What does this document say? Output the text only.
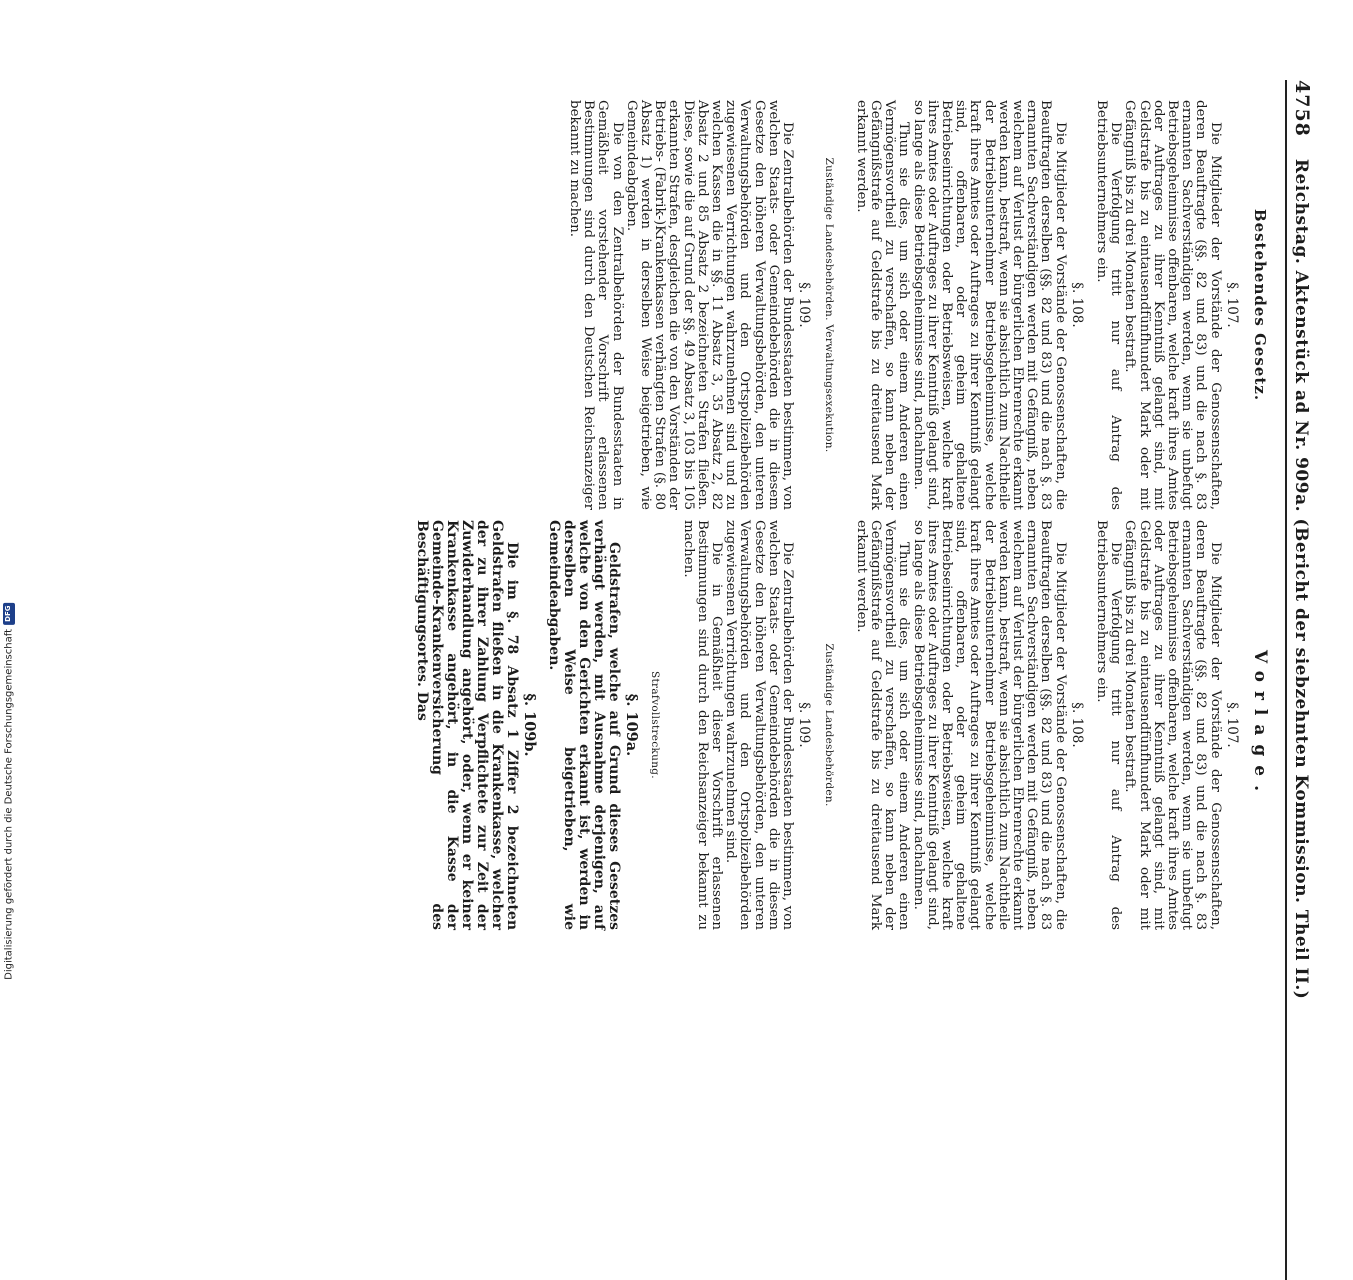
4758
Reichstag. Aktenstück ad Nr. 909a. (Bericht der siebzehnten Kommission. Theil II.)
Bestehendes Gesetz.
§. 107.
Die Mitglieder der Vorstände der Genossenschaften, deren Beauftragte (§§. 82 und 83) und die nach §. 83 ernannten Sachverständigen werden, wenn sie unbefugt Betriebsgeheimnisse offenbaren, welche kraft ihres Amtes oder Auftrages zu ihrer Kenntniß gelangt sind, mit Geldstrafe bis zu eintausendfünfhundert Mark oder mit Gefängniß bis zu drei Monaten bestraft.
Die Verfolgung tritt nur auf Antrag des Betriebsunternehmers ein.
§. 108.
Die Mitglieder der Vorstände der Genossenschaften, die Beauftragten derselben (§§. 82 und 83) und die nach §. 83 ernannten Sachverständigen werden mit Gefängniß, neben welchem auf Verlust der bürgerlichen Ehrenrechte erkannt werden kann, bestraft, wenn sie absichtlich zum Nachtheile der Betriebsunternehmer Betriebsgeheimnisse, welche kraft ihres Amtes oder Auftrages zu ihrer Kenntniß gelangt sind, offenbaren, oder geheim gehaltene Betriebseinrichtungen oder Betriebsweisen, welche kraft ihres Amtes oder Auftrages zu ihrer Kenntniß gelangt sind, so lange als diese Betriebsgeheimnisse sind, nachahmen.
Thun sie dies, um sich oder einem Anderen einen Vermögensvortheil zu verschaffen, so kann neben der Gefängnißstrafe auf Geldstrafe bis zu dreitausend Mark erkannt werden.
Zuständige Landesbehörden. Verwaltungsexekution.
§. 109.
Die Zentralbehörden der Bundesstaaten bestimmen, von welchen Staats- oder Gemeindebehörden die in diesem Gesetze den höheren Verwaltungsbehörden, den unteren Verwaltungsbehörden und den Ortspolizeibehörden zugewiesenen Verrichtungen wahrzunehmen sind und zu welchen Kassen die in §§. 11 Absatz 3, 35 Absatz 2, 82 Absatz 2 und 85 Absatz 2 bezeichneten Strafen fließen. Diese, sowie die auf Grund der §§. 49 Absatz 3, 103 bis 105 erkannten Strafen, desgleichen die von den Vorständen der Betriebs- (Fabrik-)Krankenkassen verhängten Strafen (§. 80 Absatz 1) werden in derselben Weise beigetrieben, wie Gemeindeabgaben.
Die von den Zentralbehörden der Bundesstaaten in Gemäßheit vorstehender Vorschrift erlassenen Bestimmungen sind durch den Deutschen Reichsanzeiger bekannt zu machen.
Vorlage.
§. 107.
Die Mitglieder der Vorstände der Genossenschaften, deren Beauftragte (§§. 82 und 83) und die nach §. 83 ernannten Sachverständigen werden, wenn sie unbefugt Betriebsgeheimnisse offenbaren, welche kraft ihres Amtes oder Auftrages zu ihrer Kenntniß gelangt sind, mit Geldstrafe bis zu eintausendfünfhundert Mark oder mit Gefängniß bis zu drei Monaten bestraft.
Die Verfolgung tritt nur auf Antrag des Betriebsunternehmers ein.
§. 108.
Die Mitglieder der Vorstände der Genossenschaften, die Beauftragten derselben (§§. 82 und 83) und die nach §. 83 ernannten Sachverständigen werden mit Gefängniß, neben welchem auf Verlust der bürgerlichen Ehrenrechte erkannt werden kann, bestraft, wenn sie absichtlich zum Nachtheile der Betriebsunternehmer Betriebsgeheimnisse, welche kraft ihres Amtes oder Auftrages zu ihrer Kenntniß gelangt sind, offenbaren, oder geheim gehaltene Betriebseinrichtungen oder Betriebsweisen, welche kraft ihres Amtes oder Auftrages zu ihrer Kenntniß gelangt sind, so lange als diese Betriebsgeheimnisse sind, nachahmen.
Thun sie dies, um sich oder einem Anderen einen Vermögensvortheil zu verschaffen, so kann neben der Gefängnißstrafe auf Geldstrafe bis zu dreitausend Mark erkannt werden.
Zuständige Landesbehörden.
§. 109.
Die Zentralbehörden der Bundesstaaten bestimmen, von welchen Staats- oder Gemeindebehörden die in diesem Gesetze den höheren Verwaltungsbehörden, den unteren Verwaltungsbehörden und den Ortspolizeibehörden zugewiesenen Verrichtungen wahrzunehmen sind.
Die in Gemäßheit dieser Vorschrift erlassenen Bestimmungen sind durch den Reichsanzeiger bekannt zu machen.
Strafvollstreckung.
§. 109a.
Geldstrafen, welche auf Grund dieses Gesetzes verhängt werden, mit Ausnahme derjenigen, auf welche von den Gerichten erkannt ist, werden in derselben Weise beigetrieben, wie Gemeindeabgaben.
§. 109b.
Die im §. 78 Absatz 1 Ziffer 2 bezeichneten Geldstrafen fließen in die Krankenkasse, welcher der zu ihrer Zahlung Verpflichtete zur Zeit der Zuwiderhandlung angehört, oder, wenn er keiner Krankenkasse angehört, in die Kasse der Gemeinde-Krankenversicherung des Beschäftigungsortes. Das
Digitalisierung gefördert durch die Deutsche Forschungsgemeinschaft
DFG
